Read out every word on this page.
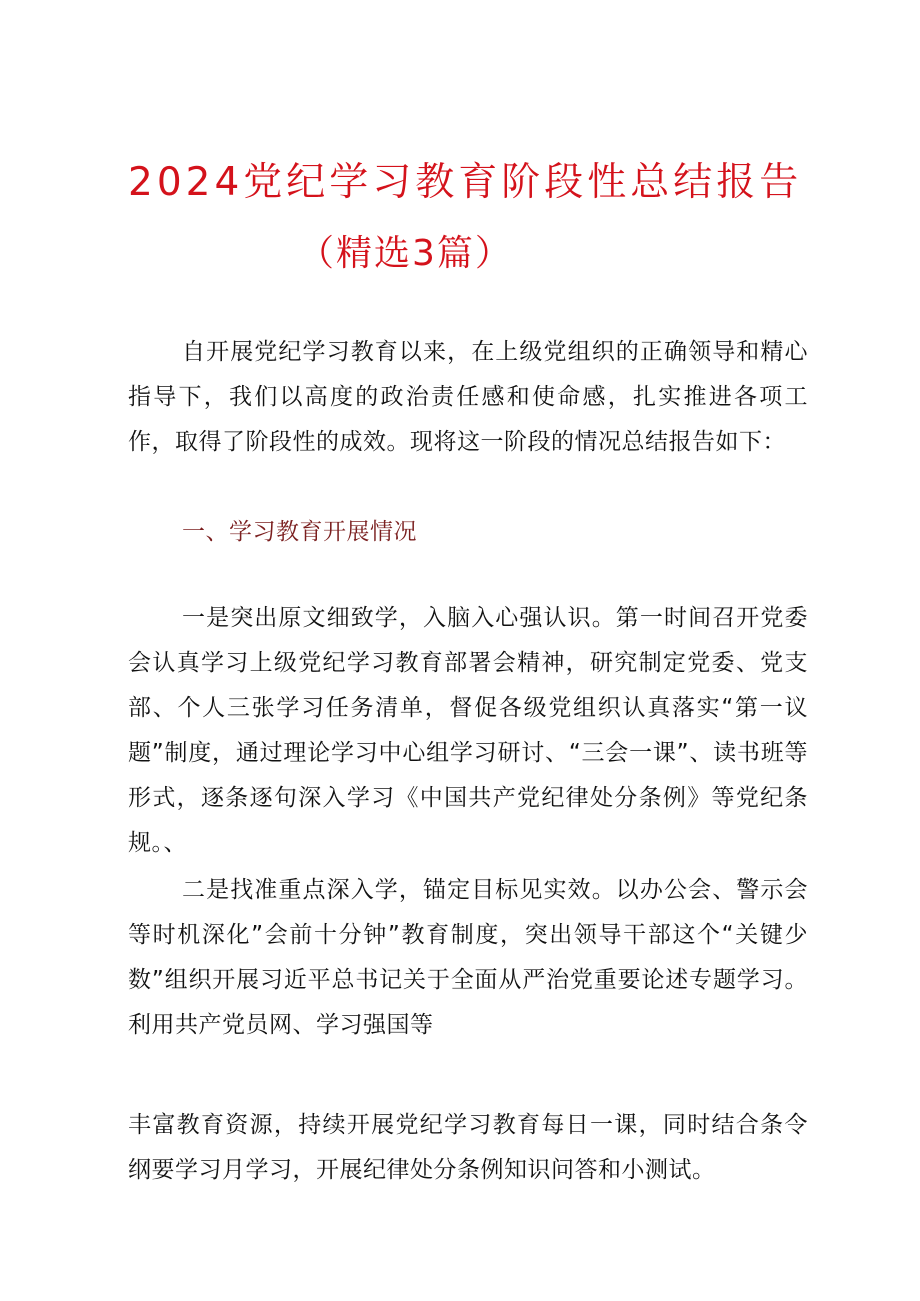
2024党纪学习教育阶段性总结报告
（精选3篇）

自开展党纪学习教育以来，在上级党组织的正确领导和精心指导下，我们以高度的政治责任感和使命感，扎实推进各项工作，取得了阶段性的成效。现将这一阶段的情况总结报告如下：

一、学习教育开展情况

一是突出原文细致学，入脑入心强认识。第一时间召开党委会认真学习上级党纪学习教育部署会精神，研究制定党委、党支部、个人三张学习任务清单，督促各级党组织认真落实“第一议题”制度，通过理论学习中心组学习研讨、“三会一课”、读书班等形式，逐条逐句深入学习《中国共产党纪律处分条例》等党纪条规。、

二是找准重点深入学，锚定目标见实效。以办公会、警示会等时机深化”会前十分钟”教育制度，突出领导干部这个“关键少数”组织开展习近平总书记关于全面从严治党重要论述专题学习。利用共产党员网、学习强国等

丰富教育资源，持续开展党纪学习教育每日一课，同时结合条令纲要学习月学习，开展纪律处分条例知识问答和小测试。
